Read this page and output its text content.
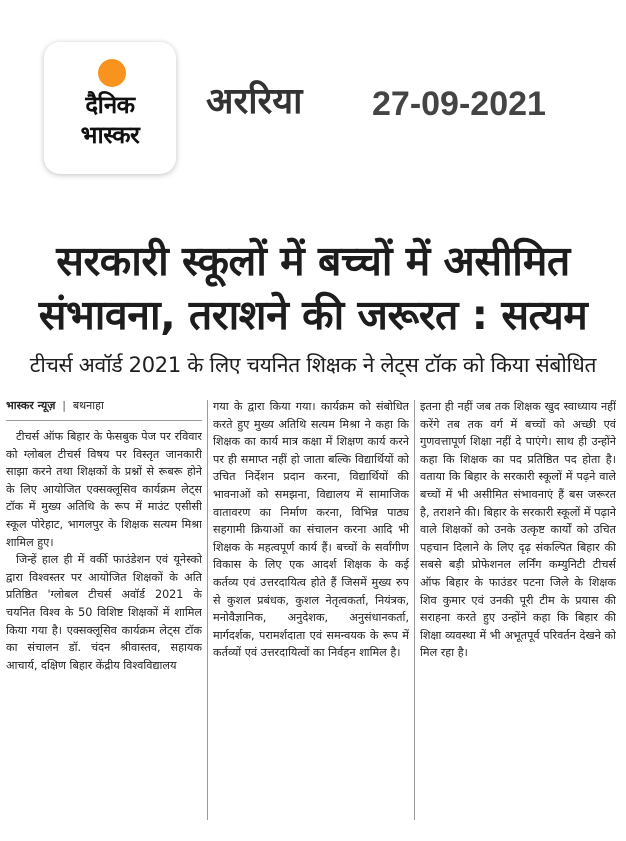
दैनिक
भास्कर
अररिया 27-09-2021
सरकारी स्कूलों में बच्चों में असीमित संभावना, तराशने की जरूरत : सत्यम
टीचर्स अवॉर्ड 2021 के लिए चयनित शिक्षक ने लेट्स टॉक को किया संबोधित
भास्कर न्यूज़ | बथनाहा

टीचर्स ऑफ बिहार के फेसबुक पेज पर रविवार को ग्लोबल टीचर्स विषय पर विस्तृत जानकारी साझा करने तथा शिक्षकों के प्रश्नों से रूबरू होने के लिए आयोजित एक्सक्लूसिव कार्यक्रम लेट्स टॉक में मुख्य अतिथि के रूप में माउंट एसीसी स्कूल पोरेहाट, भागलपुर के शिक्षक सत्यम मिश्रा शामिल हुए।

जिन्हें हाल ही में वर्की फाउंडेशन एवं यूनेस्को द्वारा विश्वस्तर पर आयोजित शिक्षकों के अति प्रतिष्ठित 'ग्लोबल टीचर्स अवॉर्ड 2021 के चयनित विश्व के 50 विशिष्ट शिक्षकों में शामिल किया गया है। एक्सक्लूसिव कार्यक्रम लेट्स टॉक का संचालन डॉ. चंदन श्रीवास्तव, सहायक आचार्य, दक्षिण बिहार केंद्रीय विश्वविद्यालय

गया के द्वारा किया गया। कार्यक्रम को संबोधित करते हुए मुख्य अतिथि सत्यम मिश्रा ने कहा कि शिक्षक का कार्य मात्र कक्षा में शिक्षण कार्य करने पर ही समाप्त नहीं हो जाता बल्कि विद्यार्थियों को उचित निर्देशन प्रदान करना, विद्यार्थियों की भावनाओं को समझना, विद्यालय में सामाजिक वातावरण का निर्माण करना, विभिन्न पाठ्य सहगामी क्रियाओं का संचालन करना आदि भी शिक्षक के महत्वपूर्ण कार्य हैं। बच्चों के सर्वांगीण विकास के लिए एक आदर्श शिक्षक के कई कर्तव्य एवं उत्तरदायित्व होते हैं जिसमें मुख्य रुप से कुशल प्रबंधक, कुशल नेतृत्वकर्ता, नियंत्रक, मनोवैज्ञानिक, अनुदेशक, अनुसंधानकर्ता, मार्गदर्शक, परामर्शदाता एवं समन्वयक के रूप में कर्तव्यों एवं उत्तरदायित्वों का निर्वहन शामिल है।

इतना ही नहीं जब तक शिक्षक खुद स्वाध्याय नहीं करेंगे तब तक वर्ग में बच्चों को अच्छी एवं गुणवत्तापूर्ण शिक्षा नहीं दे पाएंगे। साथ ही उन्होंने कहा कि शिक्षक का पद प्रतिष्ठित पद होता है। वताया कि बिहार के सरकारी स्कूलों में पढ़ने वाले बच्चों में भी असीमित संभावनाएं हैं बस जरूरत है, तराशने की। बिहार के सरकारी स्कूलों में पढ़ाने वाले शिक्षकों को उनके उत्कृष्ट कार्यों को उचित पहचान दिलाने के लिए दृढ़ संकल्पित बिहार की सबसे बड़ी प्रोफेशनल लर्निंग कम्युनिटी टीचर्स ऑफ बिहार के फाउंडर पटना जिले के शिक्षक शिव कुमार एवं उनकी पूरी टीम के प्रयास की सराहना करते हुए उन्होंने कहा कि बिहार की शिक्षा व्यवस्था में भी अभूतपूर्व परिवर्तन देखने को मिल रहा है।
